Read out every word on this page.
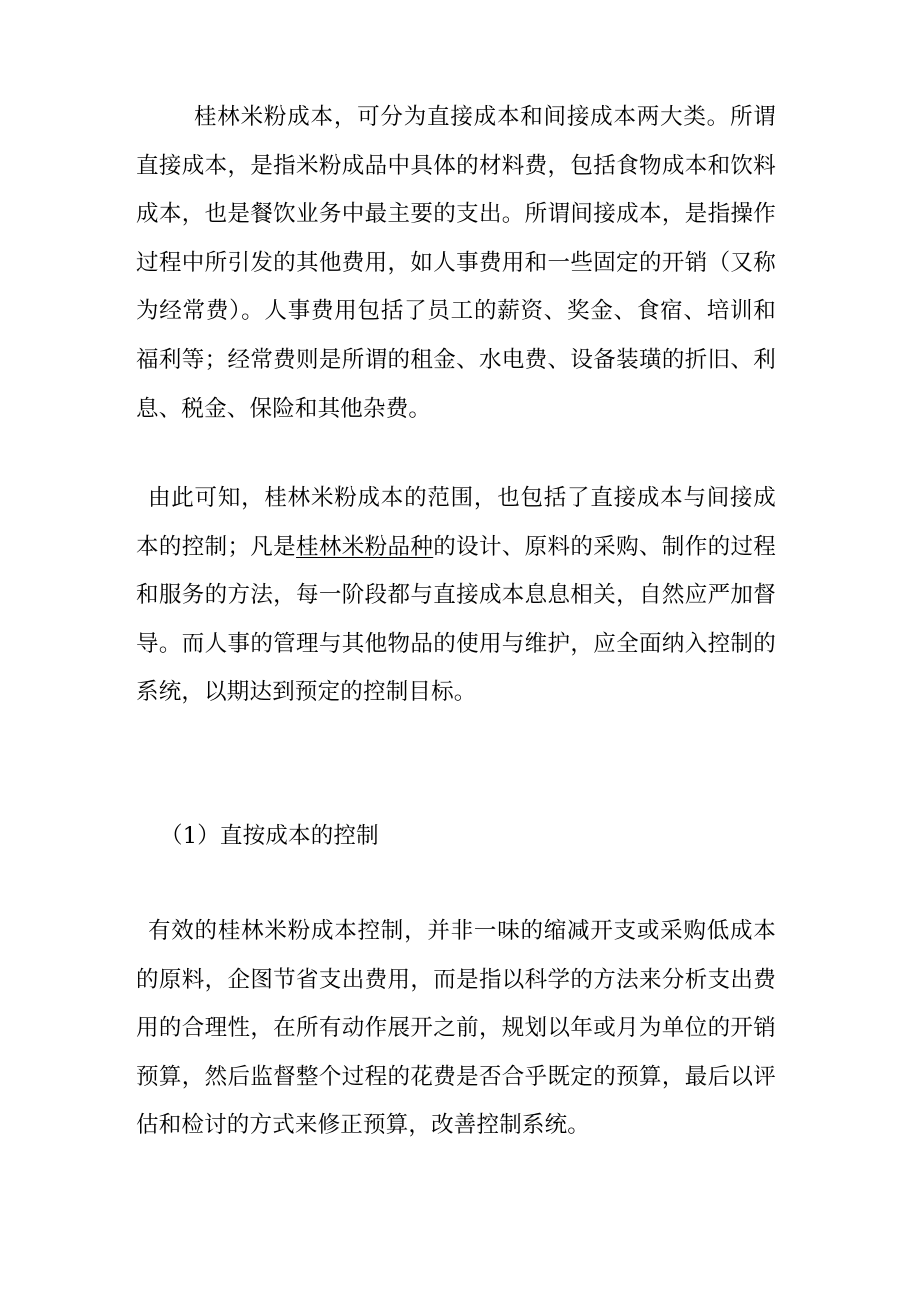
桂林米粉成本，可分为直接成本和间接成本两大类。所谓直接成本，是指米粉成品中具体的材料费，包括食物成本和饮料成本，也是餐饮业务中最主要的支出。所谓间接成本，是指操作过程中所引发的其他费用，如人事费用和一些固定的开销（又称为经常费）。人事费用包括了员工的薪资、奖金、食宿、培训和福利等；经常费则是所谓的租金、水电费、设备装璜的折旧、利息、税金、保险和其他杂费。

由此可知，桂林米粉成本的范围，也包括了直接成本与间接成本的控制；凡是桂林米粉品种的设计、原料的采购、制作的过程和服务的方法，每一阶段都与直接成本息息相关，自然应严加督导。而人事的管理与其他物品的使用与维护，应全面纳入控制的系统，以期达到预定的控制目标。

（1）直按成本的控制

有效的桂林米粉成本控制，并非一味的缩减开支或采购低成本的原料，企图节省支出费用，而是指以科学的方法来分析支出费用的合理性，在所有动作展开之前，规划以年或月为单位的开销预算，然后监督整个过程的花费是否合乎既定的预算，最后以评估和检讨的方式来修正预算，改善控制系统。
